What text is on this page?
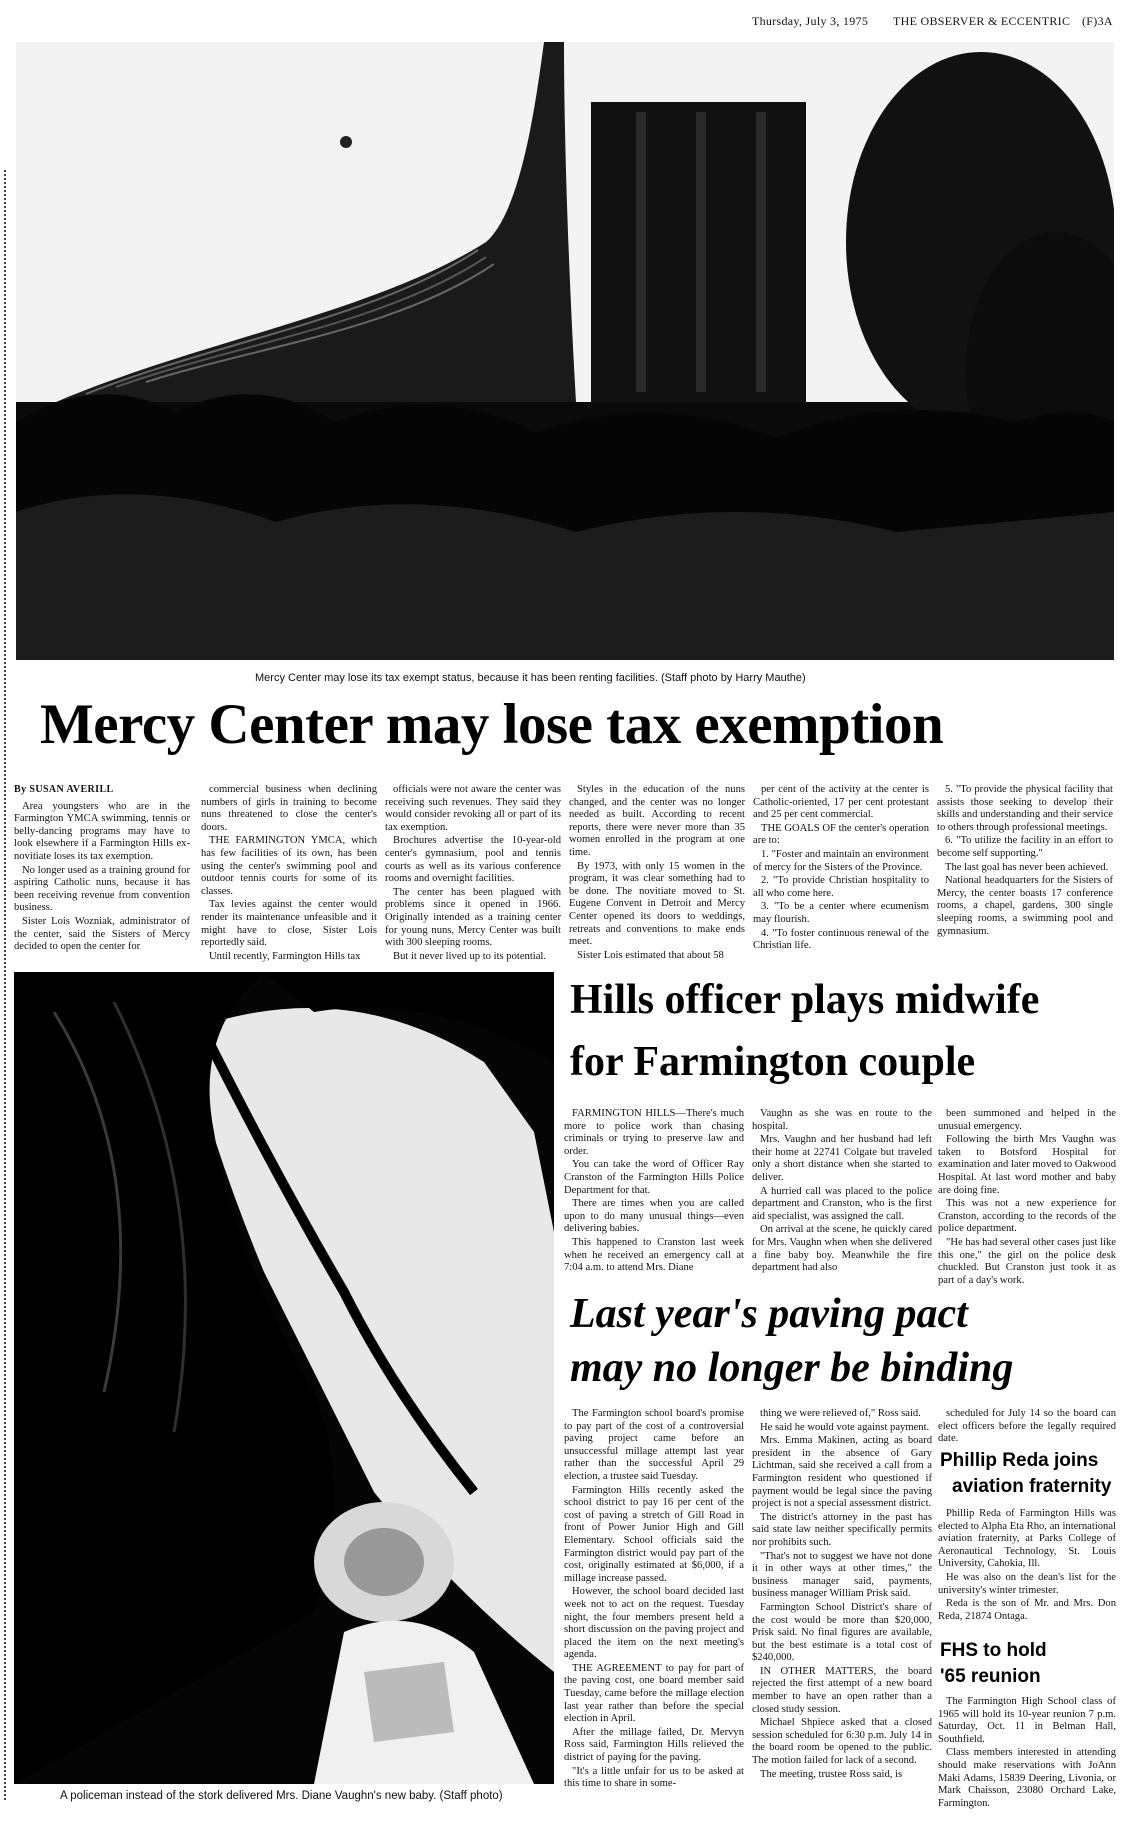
Thursday, July 3, 1975 THE OBSERVER & ECCENTRIC (F)3A
Mercy Center may lose its tax exempt status, because it has been renting facilities. (Staff photo by Harry Mauthe)
Mercy Center may lose tax exemption

By SUSAN AVERILL

Area youngsters who are in the Farmington YMCA swimming, tennis or belly-dancing programs may have to look elsewhere if a Farmington Hills ex-novitiate loses its tax exemption.

No longer used as a training ground for aspiring Catholic nuns, because it has been receiving revenue from convention business.

Sister Lois Wozniak, administrator of the center, said the Sisters of Mercy decided to open the center for

commercial business when declining numbers of girls in training to become nuns threatened to close the center's doors.

THE FARMINGTON YMCA, which has few facilities of its own, has been using the center's swimming pool and outdoor tennis courts for some of its classes.

Tax levies against the center would render its maintenance unfeasible and it might have to close, Sister Lois reportedly said.

Until recently, Farmington Hills tax

officials were not aware the center was receiving such revenues. They said they would consider revoking all or part of its tax exemption.

Brochures advertise the 10-year-old center's gymnasium, pool and tennis courts as well as its various conference rooms and overnight facilities.

The center has been plagued with problems since it opened in 1966. Originally intended as a training center for young nuns, Mercy Center was built with 300 sleeping rooms.

But it never lived up to its potential.

Styles in the education of the nuns changed, and the center was no longer needed as built. According to recent reports, there were never more than 35 women enrolled in the program at one time.

By 1973, with only 15 women in the program, it was clear something had to be done. The novitiate moved to St. Eugene Convent in Detroit and Mercy Center opened its doors to weddings, retreats and conventions to make ends meet.

Sister Lois estimated that about 58

per cent of the activity at the center is Catholic-oriented, 17 per cent protestant and 25 per cent commercial.

THE GOALS OF the center's operation are to:

1. "Foster and maintain an environment of mercy for the Sisters of the Province.

2. "To provide Christian hospitality to all who come here.

3. "To be a center where ecumenism may flourish.

4. "To foster continuous renewal of the Christian life.

5. "To provide the physical facility that assists those seeking to develop their skills and understanding and their service to others through professional meetings.

6. "To utilize the facility in an effort to become self supporting."

The last goal has never been achieved.

National headquarters for the Sisters of Mercy, the center boasts 17 conference rooms, a chapel, gardens, 300 single sleeping rooms, a swimming pool and gymnasium.

A policeman instead of the stork delivered Mrs. Diane Vaughn's new baby. (Staff photo)
Hills officer plays midwife
for Farmington couple

FARMINGTON HILLS—There's much more to police work than chasing criminals or trying to preserve law and order.

You can take the word of Officer Ray Cranston of the Farmington Hills Police Department for that.

There are times when you are called upon to do many unusual things—even delivering babies.

This happened to Cranston last week when he received an emergency call at 7:04 a.m. to attend Mrs. Diane

Vaughn as she was en route to the hospital.

Mrs. Vaughn and her husband had left their home at 22741 Colgate but traveled only a short distance when she started to deliver.

A hurried call was placed to the police department and Cranston, who is the first aid specialist, was assigned the call.

On arrival at the scene, he quickly cared for Mrs. Vaughn when when she delivered a fine baby boy. Meanwhile the fire department had also

been summoned and helped in the unusual emergency.

Following the birth Mrs Vaughn was taken to Botsford Hospital for examination and later moved to Oakwood Hospital. At last word mother and baby are doing fine.

This was not a new experience for Cranston, according to the records of the police department.

"He has had several other cases just like this one," the girl on the police desk chuckled. But Cranston just took it as part of a day's work.

Last year's paving pact
may no longer be binding

The Farmington school board's promise to pay part of the cost of a controversial paving project came before an unsuccessful millage attempt last year rather than the successful April 29 election, a trustee said Tuesday.

Farmington Hills recently asked the school district to pay 16 per cent of the cost of paving a stretch of Gill Road in front of Power Junior High and Gill Elementary. School officials said the Farmington district would pay part of the cost, originally estimated at $6,000, if a millage increase passed.

However, the school board decided last week not to act on the request. Tuesday night, the four members present held a short discussion on the paving project and placed the item on the next meeting's agenda.

THE AGREEMENT to pay for part of the paving cost, one board member said Tuesday, came before the millage election last year rather than before the special election in April.

After the millage failed, Dr. Mervyn Ross said, Farmington Hills relieved the district of paying for the paving.

"It's a little unfair for us to be asked at this time to share in some-

thing we were relieved of," Ross said.

He said he would vote against payment.

Mrs. Emma Makinen, acting as board president in the absence of Gary Lichtman, said she received a call from a Farmington resident who questioned if payment would be legal since the paving project is not a special assessment district.

The district's attorney in the past has said state law neither specifically permits nor prohibits such.

"That's not to suggest we have not done it in other ways at other times," the business manager said, payments, business manager William Prisk said.

Farmington School District's share of the cost would be more than $20,000, Prisk said. No final figures are available, but the best estimate is a total cost of $240,000.

IN OTHER MATTERS, the board rejected the first attempt of a new board member to have an open rather than a closed study session.

Michael Shpiece asked that a closed session scheduled for 6:30 p.m. July 14 in the board room be opened to the public. The motion failed for lack of a second.

The meeting, trustee Ross said, is

scheduled for July 14 so the board can elect officers before the legally required date.

Phillip Reda joins
aviation fraternity

Phillip Reda of Farmington Hills was elected to Alpha Eta Rho, an international aviation fraternity, at Parks College of Aeronautical Technology, St. Louis University, Cahokia, Ill.

He was also on the dean's list for the university's winter trimester.

Reda is the son of Mr. and Mrs. Don Reda, 21874 Ontaga.

FHS to hold
'65 reunion

The Farmington High School class of 1965 will hold its 10-year reunion 7 p.m. Saturday, Oct. 11 in Belman Hall, Southfield.

Class members interested in attending should make reservations with JoAnn Maki Adams, 15839 Deering, Livonia, or Mark Chaisson, 23080 Orchard Lake, Farmington.
